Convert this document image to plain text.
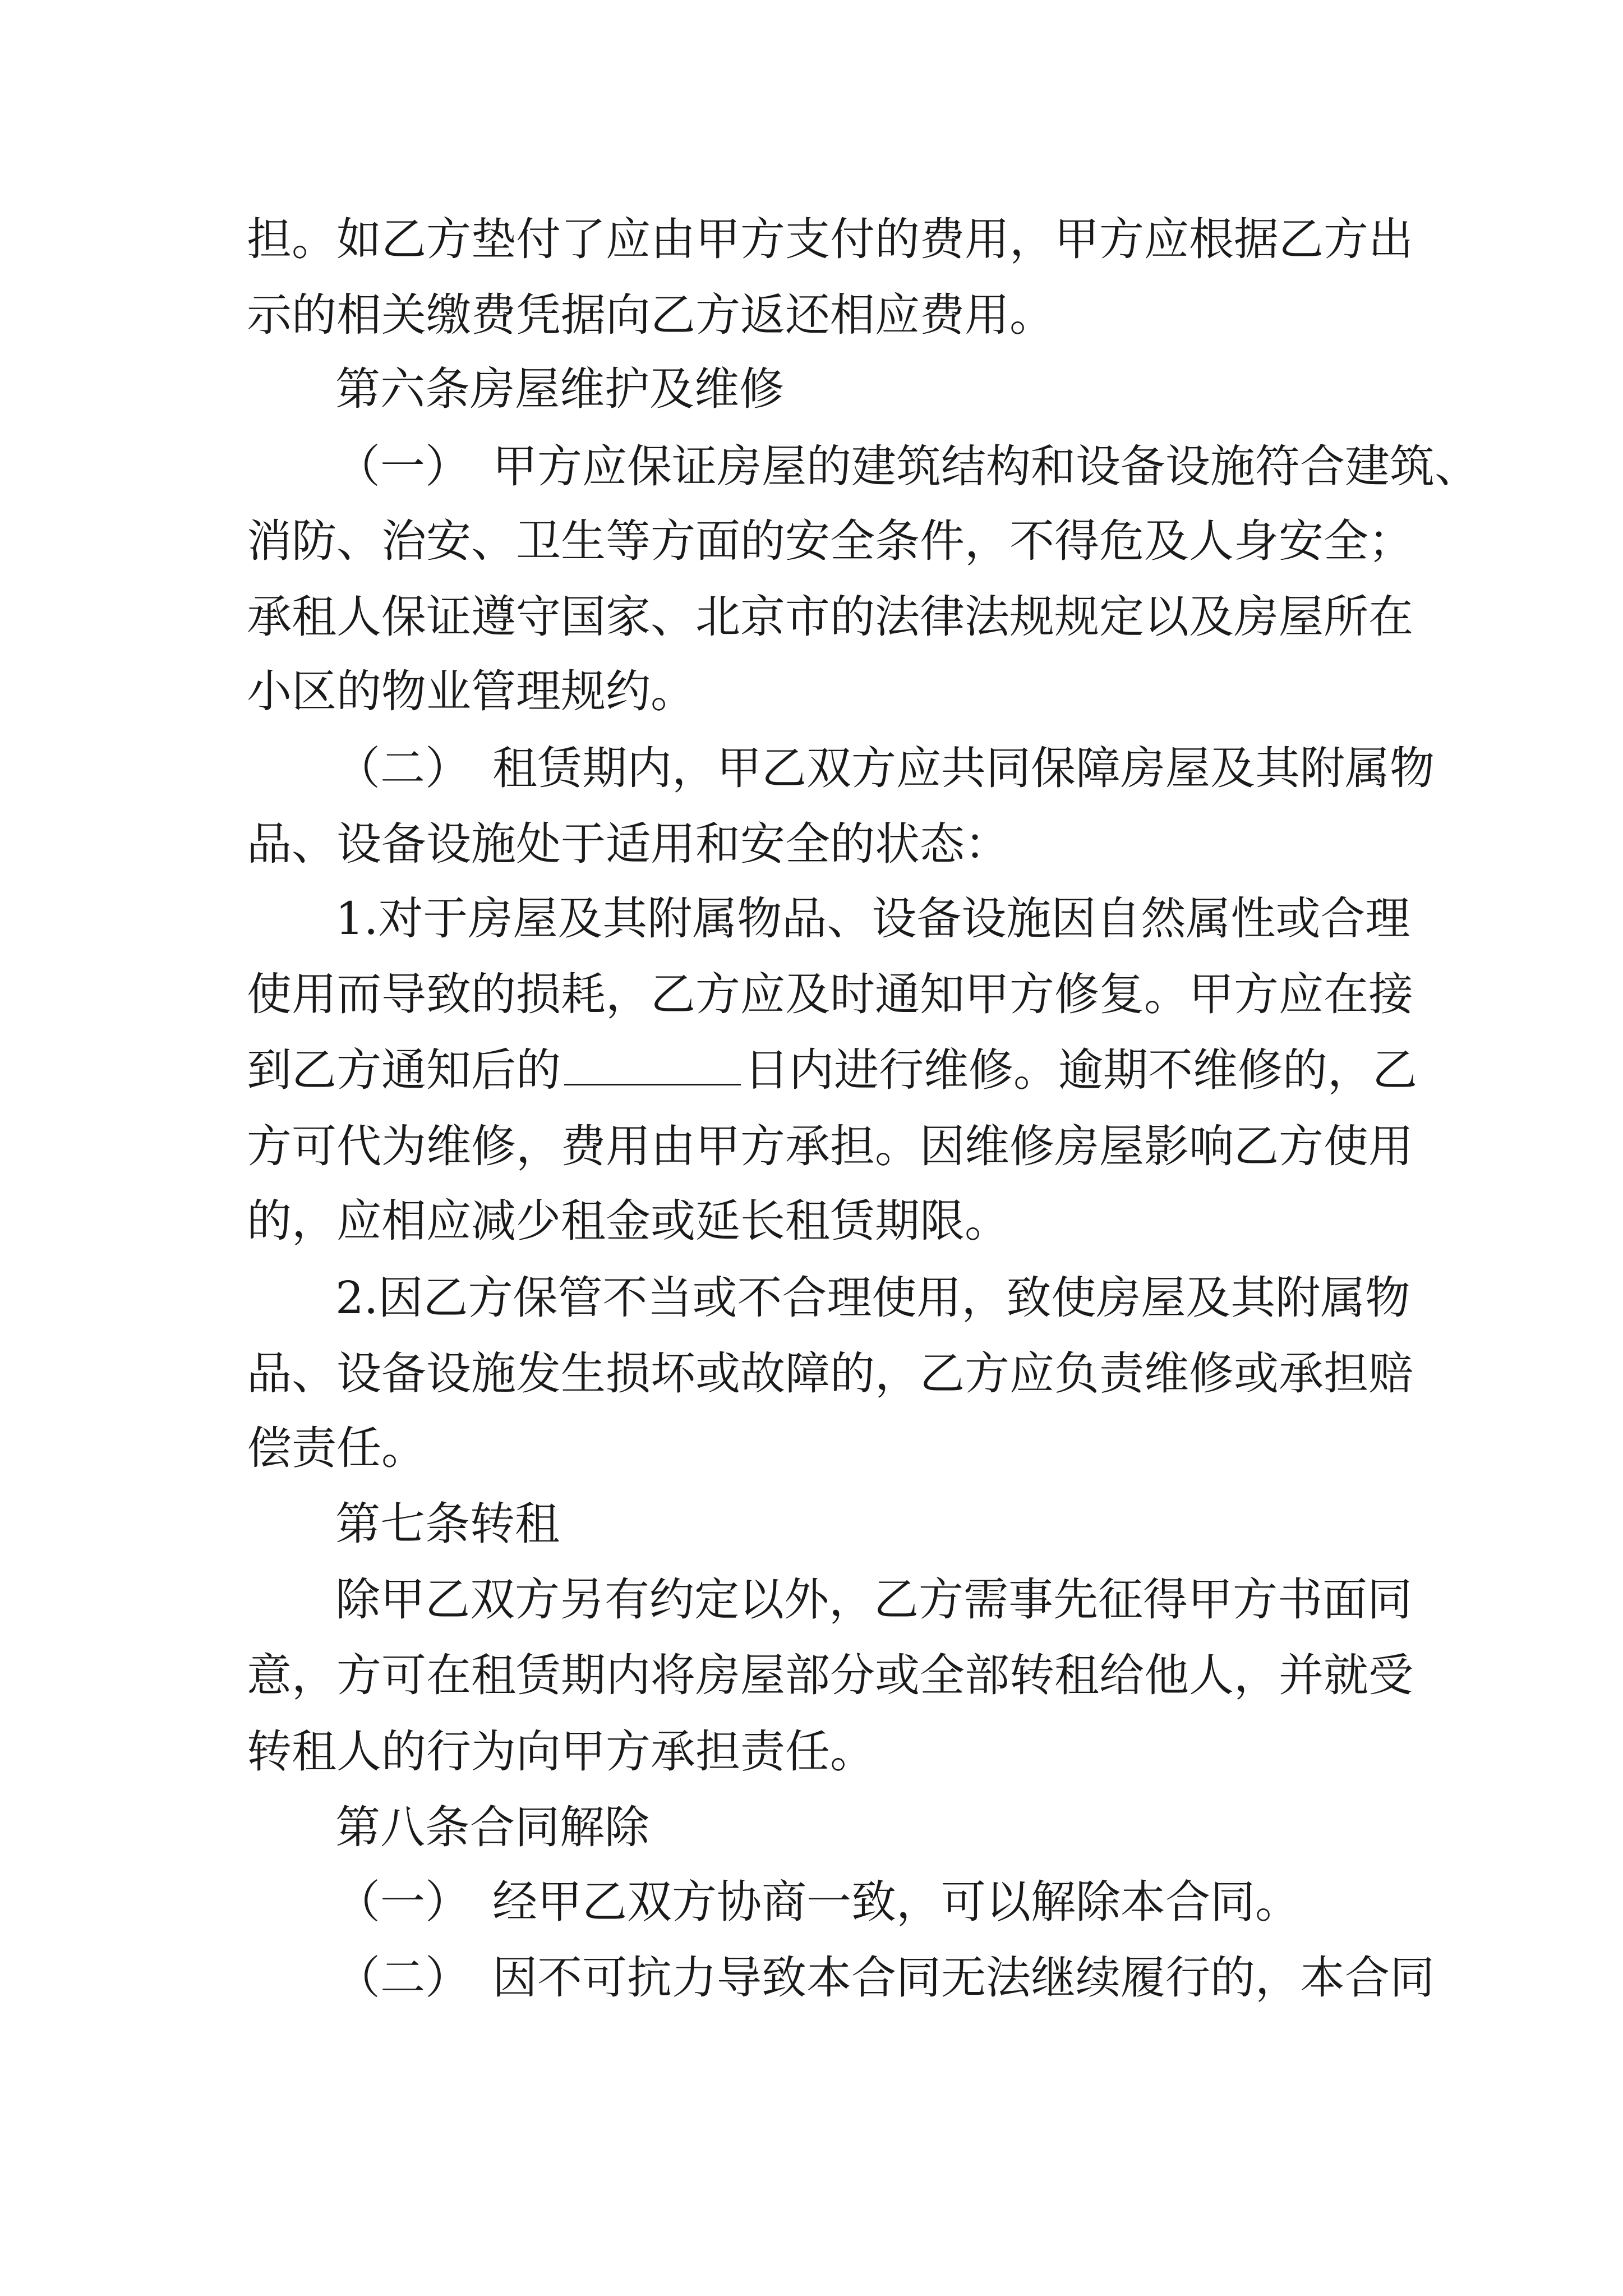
担。如乙方垫付了应由甲方支付的费用，甲方应根据乙方出

示的相关缴费凭据向乙方返还相应费用。

第六条房屋维护及维修

（一）　甲方应保证房屋的建筑结构和设备设施符合建筑、

消防、治安、卫生等方面的安全条件，不得危及人身安全；

承租人保证遵守国家、北京市的法律法规规定以及房屋所在

小区的物业管理规约。

（二）　租赁期内，甲乙双方应共同保障房屋及其附属物

品、设备设施处于适用和安全的状态：

1.对于房屋及其附属物品、设备设施因自然属性或合理

使用而导致的损耗，乙方应及时通知甲方修复。甲方应在接

到乙方通知后的	日内进行维修。逾期不维修的，乙

方可代为维修，费用由甲方承担。因维修房屋影响乙方使用

的，应相应减少租金或延长租赁期限。

2.因乙方保管不当或不合理使用，致使房屋及其附属物

品、设备设施发生损坏或故障的，乙方应负责维修或承担赔

偿责任。

第七条转租

除甲乙双方另有约定以外，乙方需事先征得甲方书面同

意，方可在租赁期内将房屋部分或全部转租给他人，并就受

转租人的行为向甲方承担责任。

第八条合同解除

（一）　经甲乙双方协商一致，可以解除本合同。

（二）　因不可抗力导致本合同无法继续履行的，本合同
